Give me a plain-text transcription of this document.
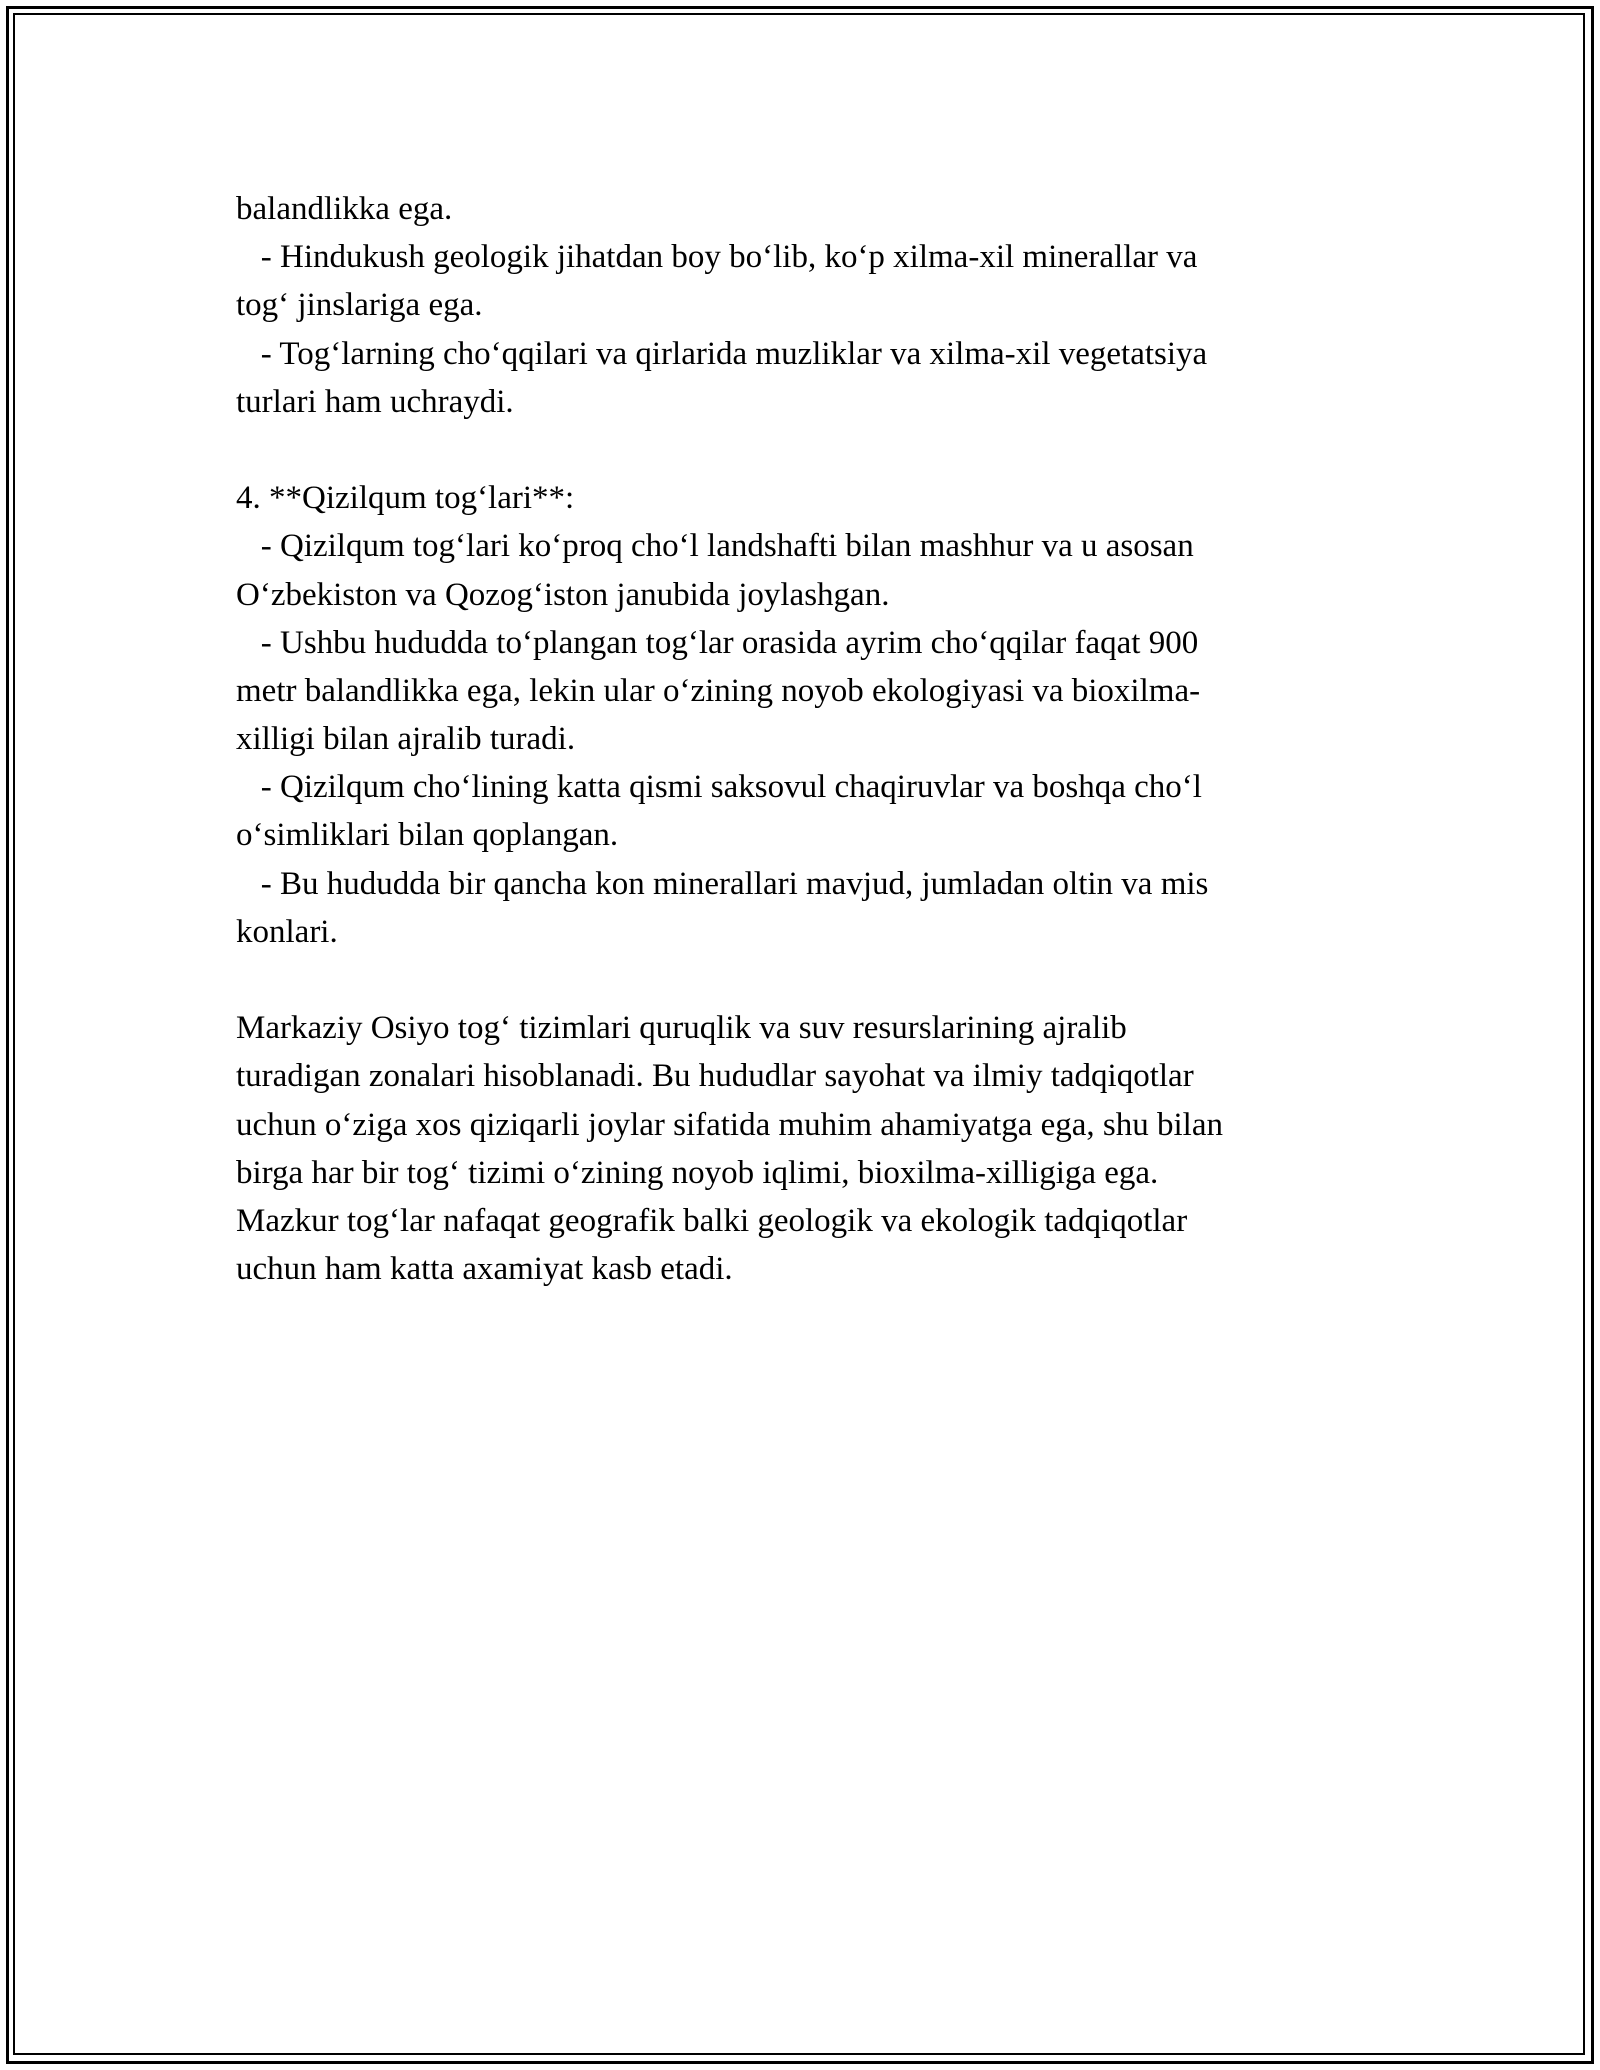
balandlikka ega.
- Hindukush geologik jihatdan boy bo‘lib, ko‘p xilma-xil minerallar va
tog‘ jinslariga ega.
- Tog‘larning cho‘qqilari va qirlarida muzliklar va xilma-xil vegetatsiya
turlari ham uchraydi.
4. **Qizilqum tog‘lari**:
- Qizilqum tog‘lari ko‘proq cho‘l landshafti bilan mashhur va u asosan
O‘zbekiston va Qozog‘iston janubida joylashgan.
- Ushbu hududda to‘plangan tog‘lar orasida ayrim cho‘qqilar faqat 900
metr balandlikka ega, lekin ular o‘zining noyob ekologiyasi va bioxilma-
xilligi bilan ajralib turadi.
- Qizilqum cho‘lining katta qismi saksovul chaqiruvlar va boshqa cho‘l
o‘simliklari bilan qoplangan.
- Bu hududda bir qancha kon minerallari mavjud, jumladan oltin va mis
konlari.
Markaziy Osiyo tog‘ tizimlari quruqlik va suv resurslarining ajralib
turadigan zonalari hisoblanadi. Bu hududlar sayohat va ilmiy tadqiqotlar
uchun o‘ziga xos qiziqarli joylar sifatida muhim ahamiyatga ega, shu bilan
birga har bir tog‘ tizimi o‘zining noyob iqlimi, bioxilma-xilligiga ega.
Mazkur tog‘lar nafaqat geografik balki geologik va ekologik tadqiqotlar
uchun ham katta axamiyat kasb etadi.
